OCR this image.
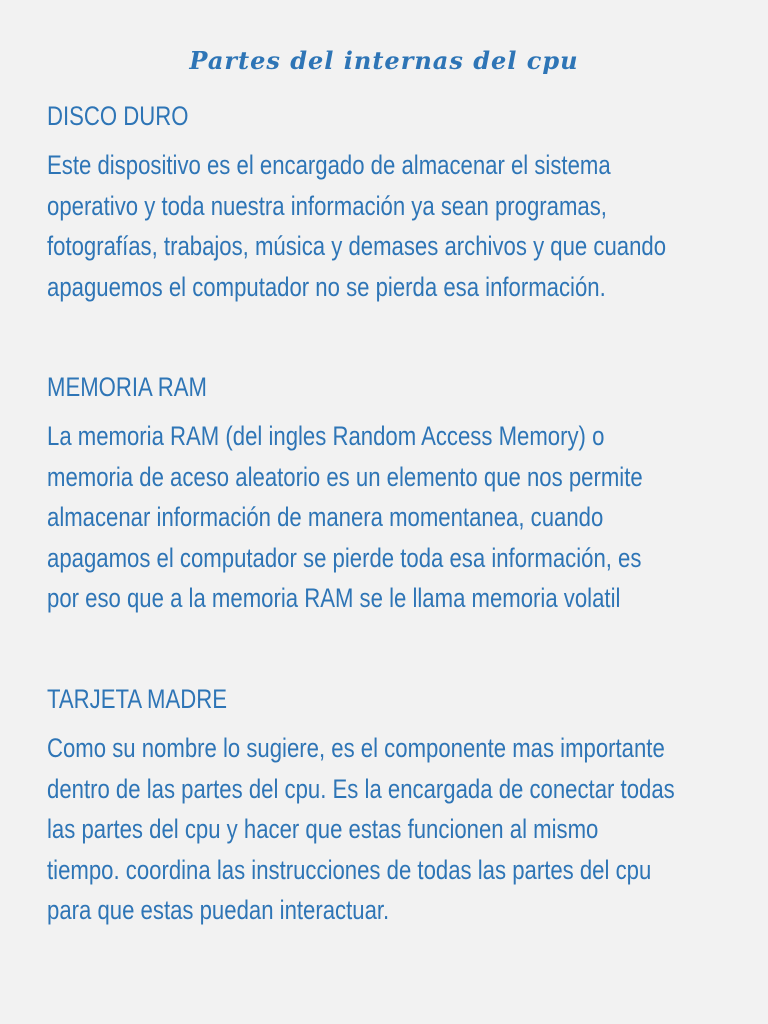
Partes del internas del cpu
DISCO DURO

Este dispositivo es el encargado de almacenar el sistema
operativo y toda nuestra información ya sean programas,
fotografías, trabajos, música y demases archivos y que cuando
apaguemos el computador no se pierda esa información.

MEMORIA RAM

La memoria RAM (del ingles Random Access Memory) o
memoria de aceso aleatorio es un elemento que nos permite
almacenar información de manera momentanea, cuando
apagamos el computador se pierde toda esa información, es
por eso que a la memoria RAM se le llama memoria volatil

TARJETA MADRE

Como su nombre lo sugiere, es el componente mas importante
dentro de las partes del cpu. Es la encargada de conectar todas
las partes del cpu y hacer que estas funcionen al mismo
tiempo. coordina las instrucciones de todas las partes del cpu
para que estas puedan interactuar.
